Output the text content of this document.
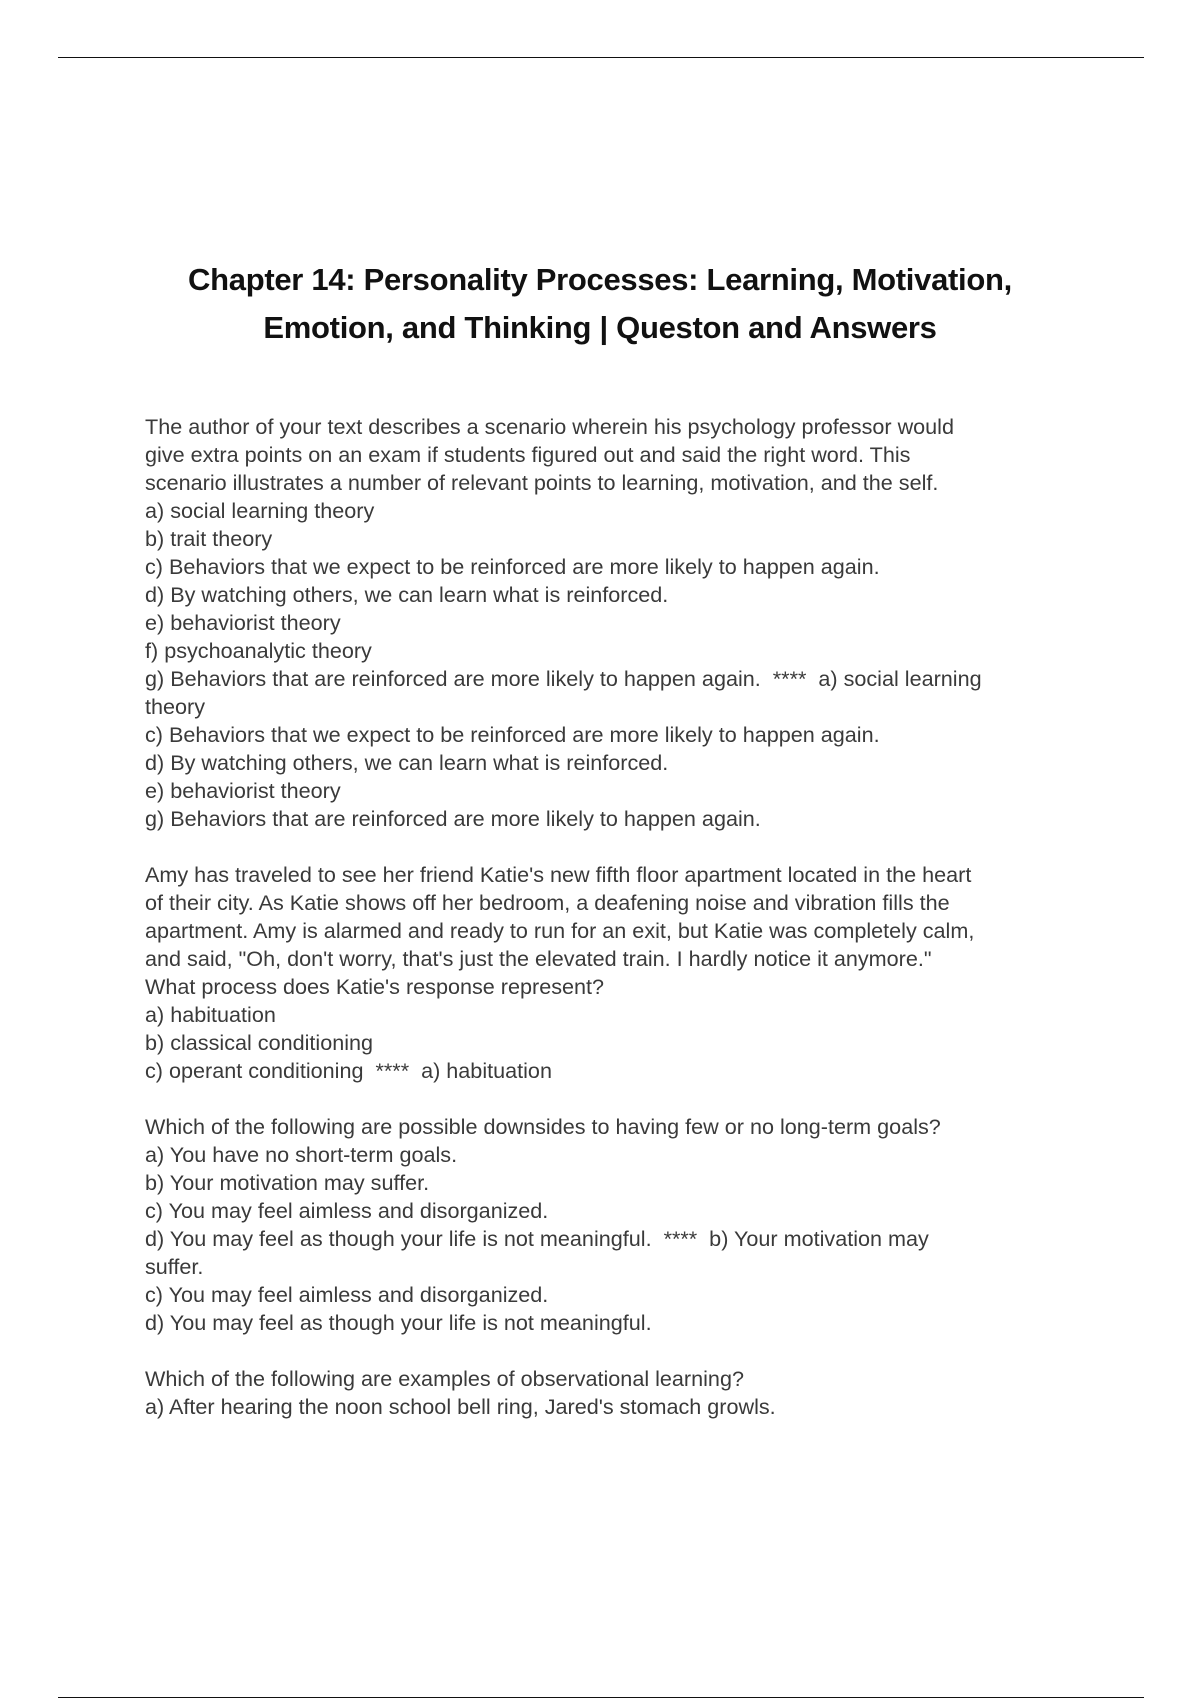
Chapter 14: Personality Processes: Learning, Motivation,
Emotion, and Thinking | Queston and Answers
The author of your text describes a scenario wherein his psychology professor would
give extra points on an exam if students figured out and said the right word. This
scenario illustrates a number of relevant points to learning, motivation, and the self.
a) social learning theory
b) trait theory
c) Behaviors that we expect to be reinforced are more likely to happen again.
d) By watching others, we can learn what is reinforced.
e) behaviorist theory
f) psychoanalytic theory
g) Behaviors that are reinforced are more likely to happen again.  ****  a) social learning
theory
c) Behaviors that we expect to be reinforced are more likely to happen again.
d) By watching others, we can learn what is reinforced.
e) behaviorist theory
g) Behaviors that are reinforced are more likely to happen again.
Amy has traveled to see her friend Katie's new fifth floor apartment located in the heart
of their city. As Katie shows off her bedroom, a deafening noise and vibration fills the
apartment. Amy is alarmed and ready to run for an exit, but Katie was completely calm,
and said, "Oh, don't worry, that's just the elevated train. I hardly notice it anymore."
What process does Katie's response represent?
a) habituation
b) classical conditioning
c) operant conditioning  ****  a) habituation
Which of the following are possible downsides to having few or no long-term goals?
a) You have no short-term goals.
b) Your motivation may suffer.
c) You may feel aimless and disorganized.
d) You may feel as though your life is not meaningful.  ****  b) Your motivation may
suffer.
c) You may feel aimless and disorganized.
d) You may feel as though your life is not meaningful.
Which of the following are examples of observational learning?
a) After hearing the noon school bell ring, Jared's stomach growls.
